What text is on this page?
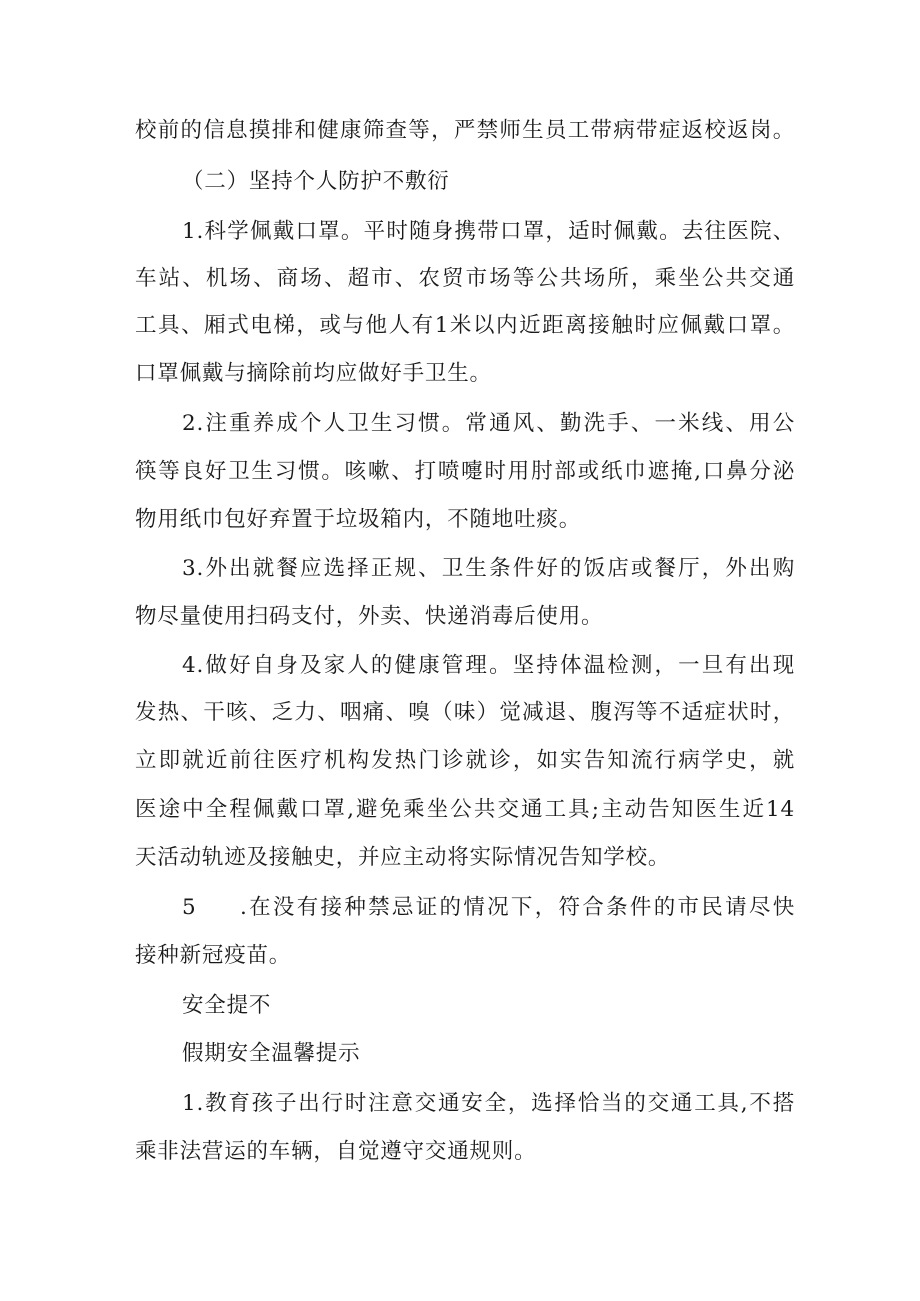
校前的信息摸排和健康筛查等，严禁师生员工带病带症返校返岗。
（二）坚持个人防护不敷衍
1.科学佩戴口罩。平时随身携带口罩，适时佩戴。去往医院、
车站、机场、商场、超市、农贸市场等公共场所，乘坐公共交通
工具、厢式电梯，或与他人有1米以内近距离接触时应佩戴口罩。
口罩佩戴与摘除前均应做好手卫生。
2.注重养成个人卫生习惯。常通风、勤洗手、一米线、用公
筷等良好卫生习惯。咳嗽、打喷嚏时用肘部或纸巾遮掩,口鼻分泌
物用纸巾包好弃置于垃圾箱内，不随地吐痰。
3.外出就餐应选择正规、卫生条件好的饭店或餐厅，外出购
物尽量使用扫码支付，外卖、快递消毒后使用。
4.做好自身及家人的健康管理。坚持体温检测，一旦有出现
发热、干咳、乏力、咽痛、嗅（味）觉减退、腹泻等不适症状时，
立即就近前往医疗机构发热门诊就诊，如实告知流行病学史，就
医途中全程佩戴口罩,避免乘坐公共交通工具;主动告知医生近14
天活动轨迹及接触史，并应主动将实际情况告知学校。
5 .在没有接种禁忌证的情况下，符合条件的市民请尽快
接种新冠疫苗。
安全提不
假期安全温馨提示
1.教育孩子出行时注意交通安全，选择恰当的交通工具,不搭
乘非法营运的车辆，自觉遵守交通规则。
